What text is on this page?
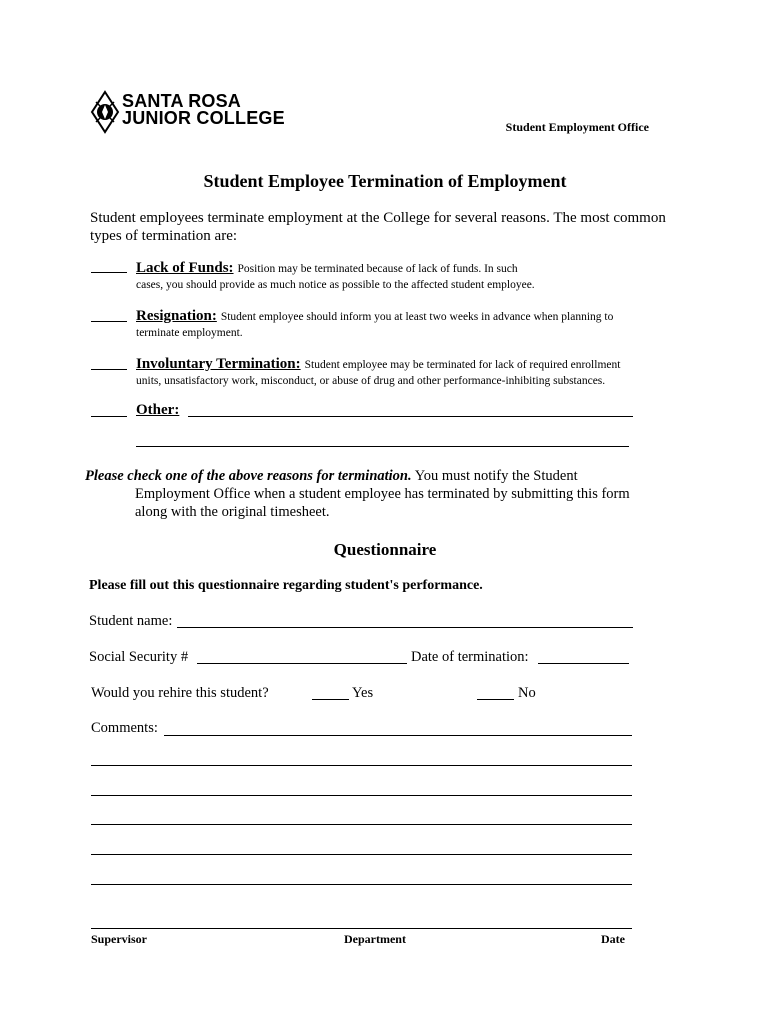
SANTA ROSA
JUNIOR COLLEGE	Student Employment Office
Student Employee Termination of Employment
Student employees terminate employment at the College for several reasons. The most common types of termination are:
Lack of Funds: Position may be terminated because of lack of funds. In such
cases, you should provide as much notice as possible to the affected student employee.
Resignation: Student employee should inform you at least two weeks in advance when planning to
terminate employment.
Involuntary Termination: Student employee may be terminated for lack of required enrollment
units, unsatisfactory work, misconduct, or abuse of drug and other performance-inhibiting substances.
Other:
Please check one of the above reasons for termination. You must notify the Student
Employment Office when a student employee has terminated by submitting this form
along with the original timesheet.
Questionnaire
Please fill out this questionnaire regarding student's performance.
Student name:
Social Security #	Date of termination:
Would you rehire this student?	Yes	No
Comments:
Supervisor	Department	Date
